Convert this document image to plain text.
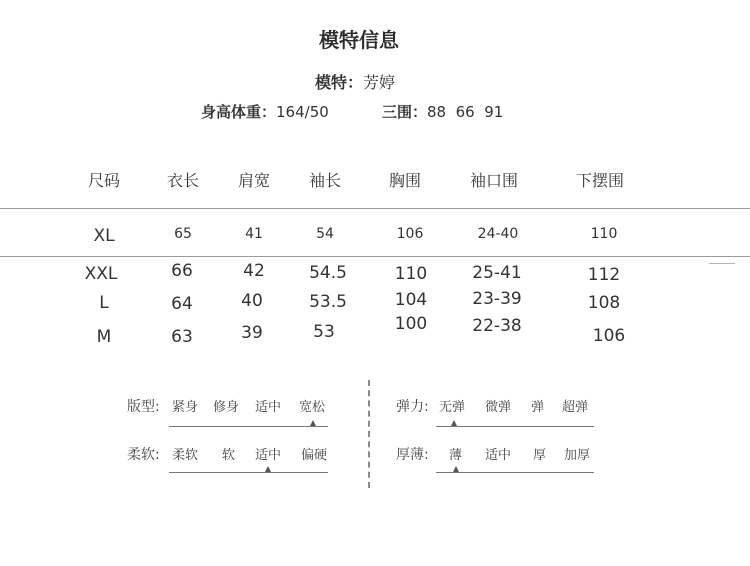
模特信息
模特：芳婷
身高体重：164/50	三围：88  66  91
尺码	衣长 肩宽 袖长	胸围	袖口围	下摆围
XL	65	41	54	106	24-40	110
XXL	66	42	54.5	110	25-41	112
L	64	40	53.5	104	23-39	108
M	63	39	53	100	22-38	106
版型: 紧身 修身 适中 宽松
柔软: 柔软 软 适中 偏硬
弹力: 无弹 微弹 弹 超弹
厚薄: 薄 适中 厚 加厚
